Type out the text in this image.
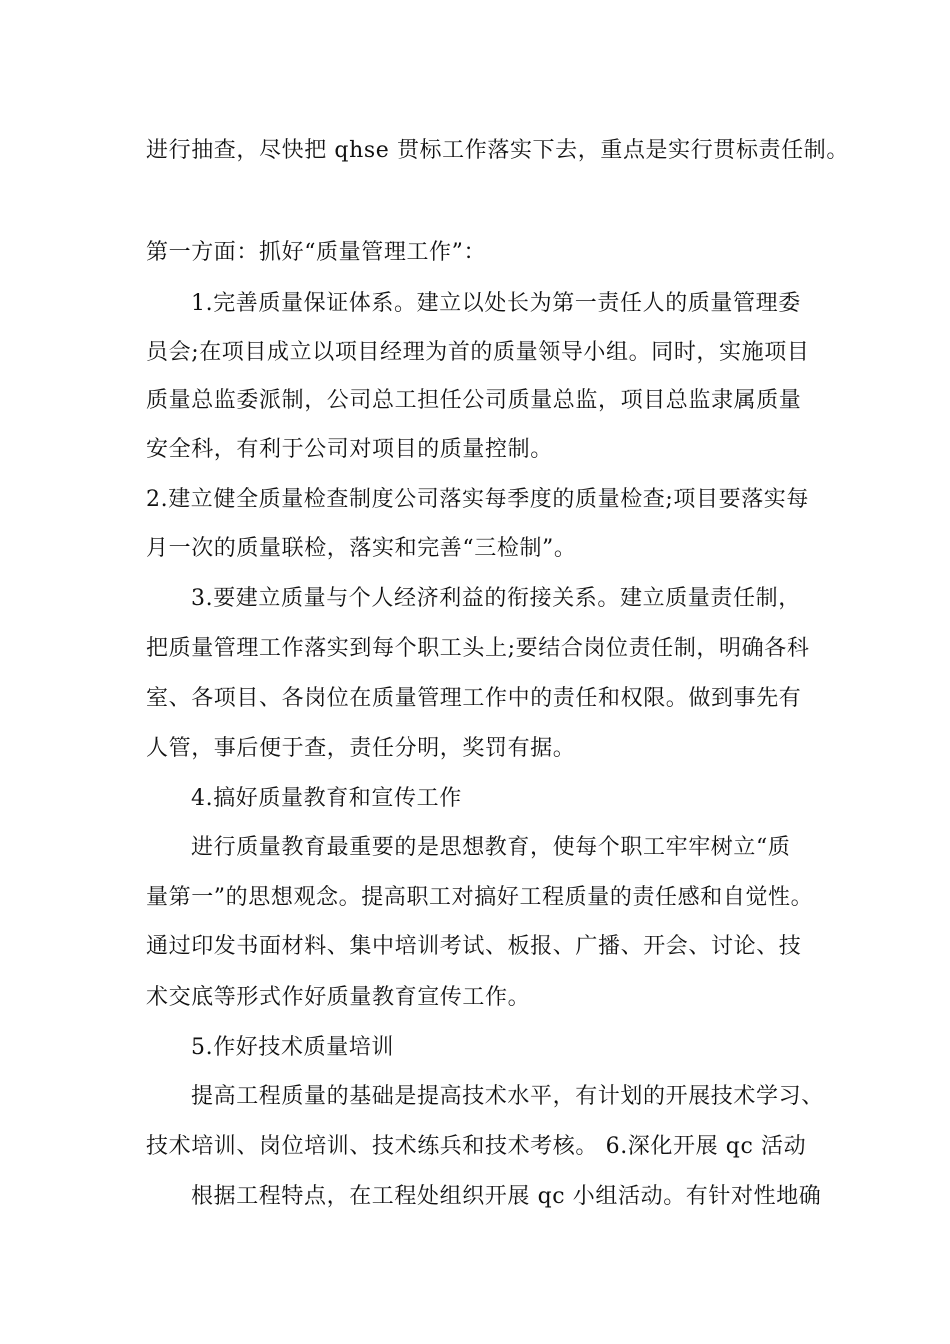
进行抽查，尽快把 qhse 贯标工作落实下去，重点是实行贯标责任制。
第一方面：抓好“质量管理工作”：
1.完善质量保证体系。建立以处长为第一责任人的质量管理委
员会;在项目成立以项目经理为首的质量领导小组。同时，实施项目
质量总监委派制，公司总工担任公司质量总监，项目总监隶属质量
安全科，有利于公司对项目的质量控制。
2.建立健全质量检查制度公司落实每季度的质量检查;项目要落实每
月一次的质量联检，落实和完善“三检制”。
3.要建立质量与个人经济利益的衔接关系。建立质量责任制，
把质量管理工作落实到每个职工头上;要结合岗位责任制，明确各科
室、各项目、各岗位在质量管理工作中的责任和权限。做到事先有
人管，事后便于查，责任分明，奖罚有据。
4.搞好质量教育和宣传工作
进行质量教育最重要的是思想教育，使每个职工牢牢树立“质
量第一”的思想观念。提高职工对搞好工程质量的责任感和自觉性。
通过印发书面材料、集中培训考试、板报、广播、开会、讨论、技
术交底等形式作好质量教育宣传工作。
5.作好技术质量培训
提高工程质量的基础是提高技术水平，有计划的开展技术学习、
技术培训、岗位培训、技术练兵和技术考核。 6.深化开展 qc 活动
根据工程特点，在工程处组织开展 qc 小组活动。有针对性地确
